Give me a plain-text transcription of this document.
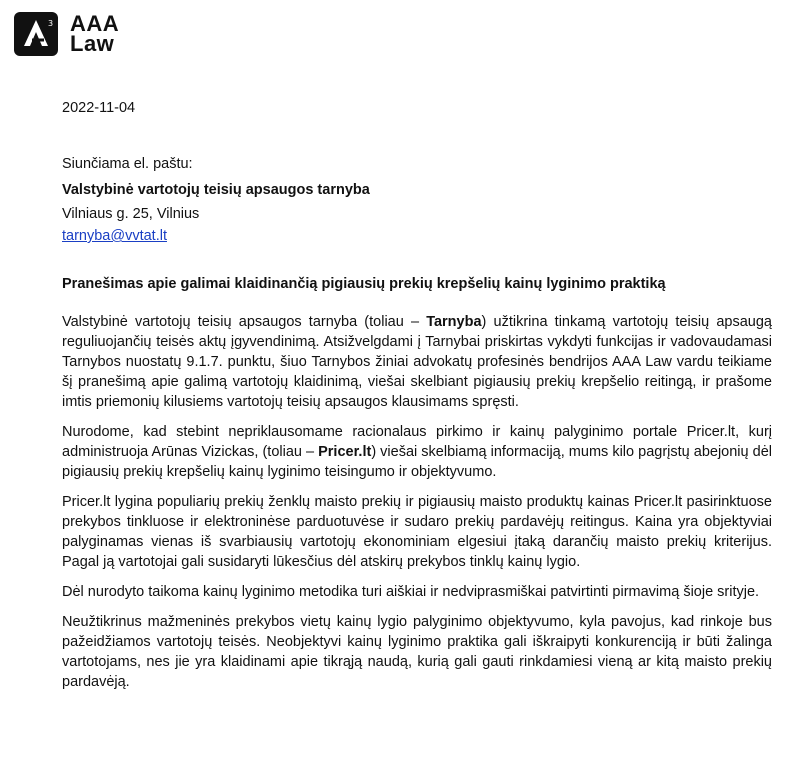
3 AAA
Law

2022-11-04

Siunčiama el. paštu:

Valstybinė vartotojų teisių apsaugos tarnyba

Vilniaus g. 25, Vilnius

tarnyba@vvtat.lt

Pranešimas apie galimai klaidinančią pigiausių prekių krepšelių kainų lyginimo praktiką

Valstybinė vartotojų teisių apsaugos tarnyba (toliau – Tarnyba) užtikrina tinkamą vartotojų teisių apsaugą reguliuojančių teisės aktų įgyvendinimą. Atsižvelgdami į Tarnybai priskirtas vykdyti funkcijas ir vadovaudamasi Tarnybos nuostatų 9.1.7. punktu, šiuo Tarnybos žiniai advokatų profesinės bendrijos AAA Law vardu teikiame šį pranešimą apie galimą vartotojų klaidinimą, viešai skelbiant pigiausių prekių krepšelio reitingą, ir prašome imtis priemonių kilusiems vartotojų teisių apsaugos klausimams spręsti.

Nurodome, kad stebint nepriklausomame racionalaus pirkimo ir kainų palyginimo portale Pricer.lt, kurį administruoja Arūnas Vizickas, (toliau – Pricer.lt) viešai skelbiamą informaciją, mums kilo pagrįstų abejonių dėl pigiausių prekių krepšelių kainų lyginimo teisingumo ir objektyvumo.

Pricer.lt lygina populiarių prekių ženklų maisto prekių ir pigiausių maisto produktų kainas Pricer.lt pasirinktuose prekybos tinkluose ir elektroninėse parduotuvėse ir sudaro prekių pardavėjų reitingus. Kaina yra objektyviai palyginamas vienas iš svarbiausių vartotojų ekonominiam elgesiui įtaką darančių maisto prekių kriterijus. Pagal ją vartotojai gali susidaryti lūkesčius dėl atskirų prekybos tinklų kainų lygio.

Dėl nurodyto taikoma kainų lyginimo metodika turi aiškiai ir nedviprasmiškai patvirtinti pirmavimą šioje srityje.

Neužtikrinus mažmeninės prekybos vietų kainų lygio palyginimo objektyvumo, kyla pavojus, kad rinkoje bus pažeidžiamos vartotojų teisės. Neobjektyvi kainų lyginimo praktika gali iškraipyti konkurenciją ir būti žalinga vartotojams, nes jie yra klaidinami apie tikrąją naudą, kurią gali gauti rinkdamiesi vieną ar kitą maisto prekių pardavėją.
